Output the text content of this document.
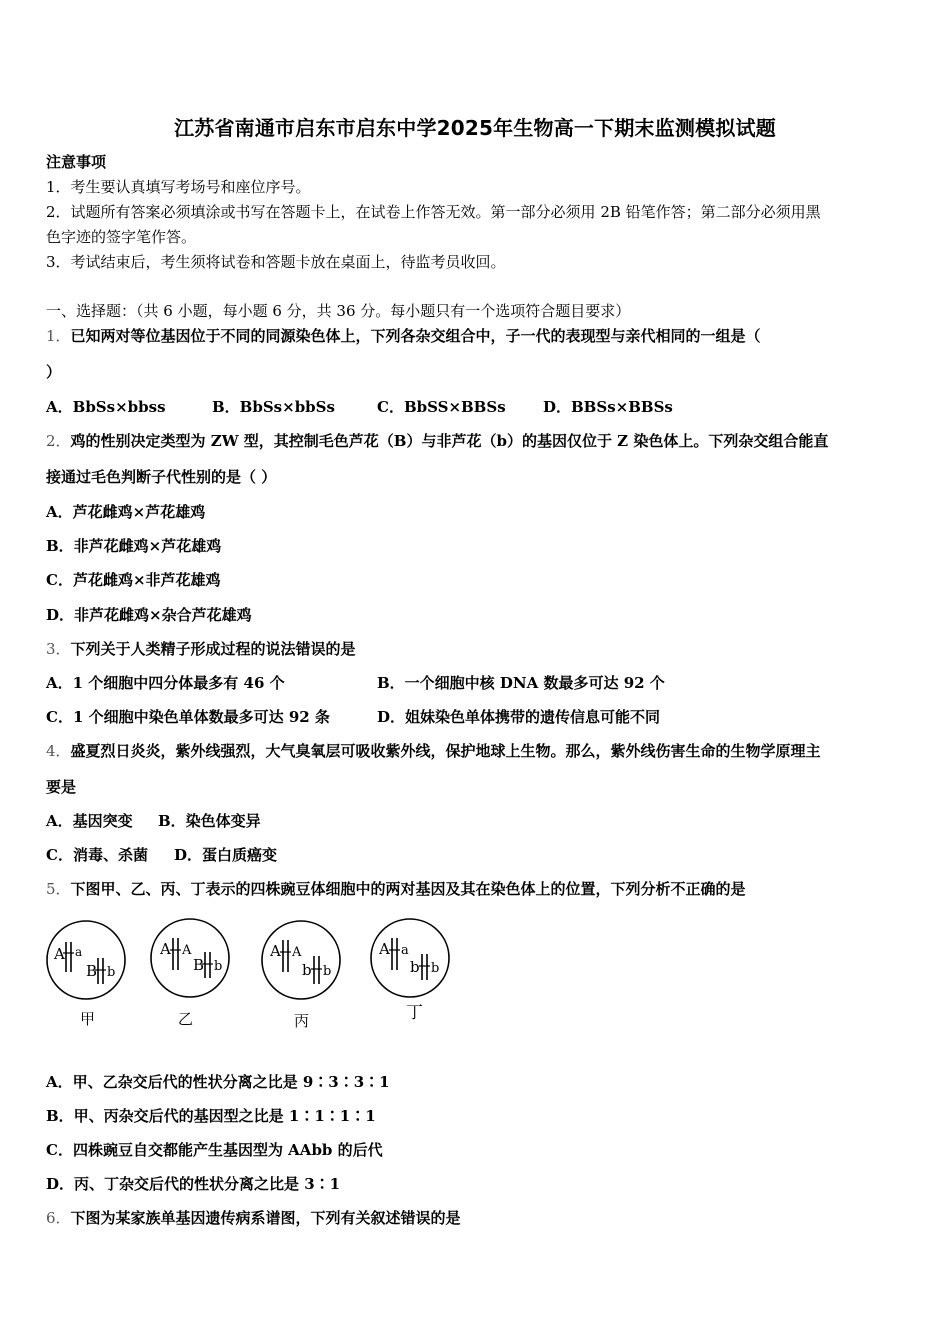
江苏省南通市启东市启东中学2025年生物高一下期末监测模拟试题
注意事项
1．考生要认真填写考场号和座位序号。
2．试题所有答案必须填涂或书写在答题卡上，在试卷上作答无效。第一部分必须用 2B 铅笔作答；第二部分必须用黑
色字迹的签字笔作答。
3．考试结束后，考生须将试卷和答题卡放在桌面上，待监考员收回。
一、选择题：（共 6 小题，每小题 6 分，共 36 分。每小题只有一个选项符合题目要求）
1．已知两对等位基因位于不同的同源染色体上，下列各杂交组合中，子一代的表现型与亲代相同的一组是（
）
A．BbSs×bbss	B．BbSs×bbSs	C．BbSS×BBSs D．BBSs×BBSs
2．鸡的性别决定类型为 ZW 型，其控制毛色芦花（B）与非芦花（b）的基因仅位于 Z 染色体上。下列杂交组合能直
接通过毛色判断子代性别的是（ ）
A．芦花雌鸡×芦花雄鸡
B．非芦花雌鸡×芦花雄鸡
C．芦花雌鸡×非芦花雄鸡
D．非芦花雌鸡×杂合芦花雄鸡
3．下列关于人类精子形成过程的说法错误的是
A．1 个细胞中四分体最多有 46 个	B．一个细胞中核 DNA 数最多可达 92 个
C．1 个细胞中染色单体数最多可达 92 条	D．姐妹染色单体携带的遗传信息可能不同
4．盛夏烈日炎炎，紫外线强烈，大气臭氧层可吸收紫外线，保护地球上生物。那么，紫外线伤害生命的生物学原理主
要是
A．基因突变 B．染色体变异
C．消毒、杀菌 D．蛋白质癌变
5．下图甲、乙、丙、丁表示的四株豌豆体细胞中的两对基因及其在染色体上的位置，下列分析不正确的是
A a
B b
甲
A A
B b
乙
A A
b b
丙
A a
b b
丁
A．甲、乙杂交后代的性状分离之比是 9∶3∶3∶1
B．甲、丙杂交后代的基因型之比是 1∶1∶1∶1
C．四株豌豆自交都能产生基因型为 AAbb 的后代
D．丙、丁杂交后代的性状分离之比是 3∶1
6．下图为某家族单基因遗传病系谱图，下列有关叙述错误的是
